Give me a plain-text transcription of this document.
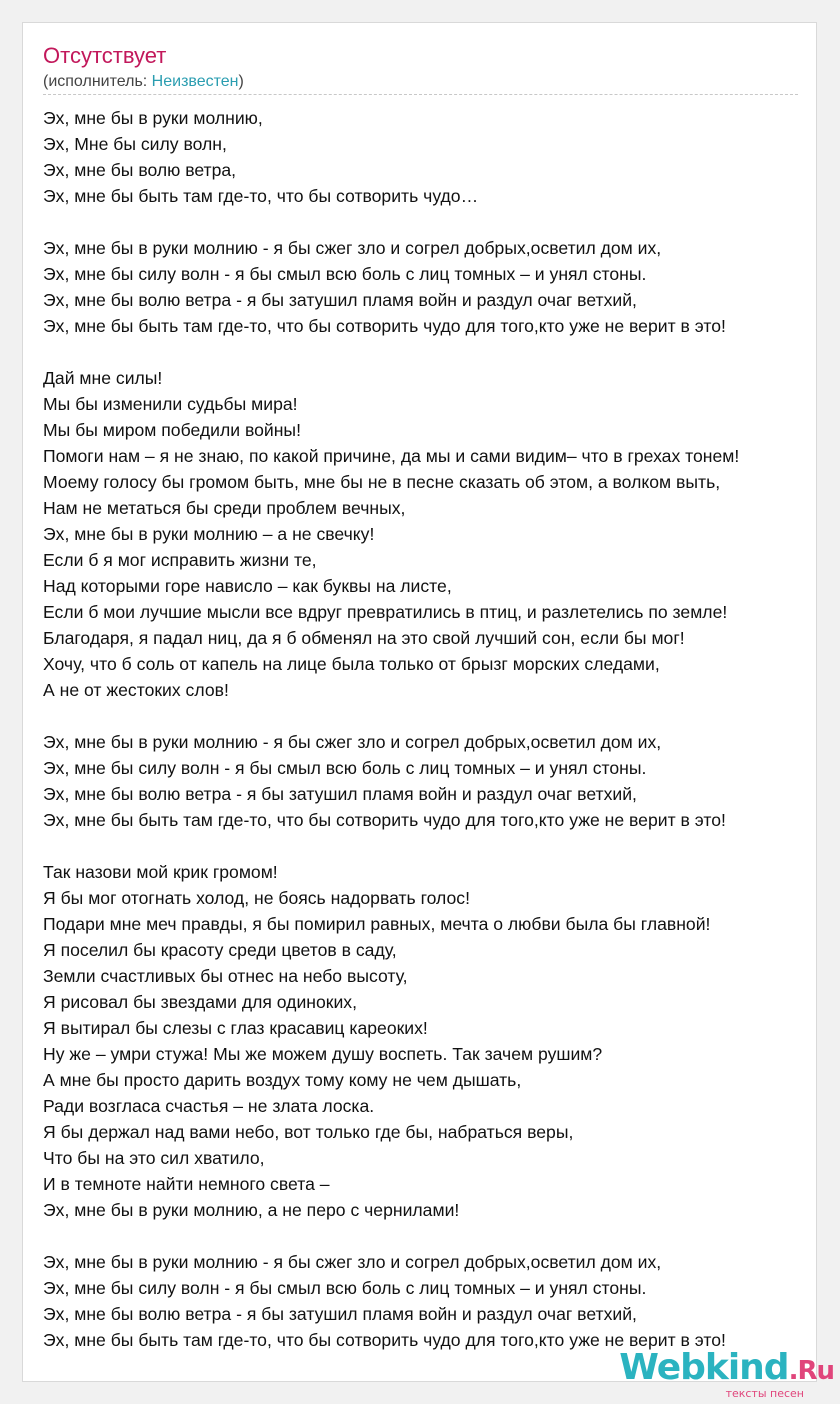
Отсутствует
(исполнитель: Неизвестен)
Эх, мне бы в руки молнию,
Эх, Мне бы силу волн,
Эх, мне бы волю ветра,
Эх, мне бы быть там где-то, что бы сотворить чудо…
Эх, мне бы в руки молнию - я бы сжег зло и согрел добрых,осветил дом их,
Эх, мне бы силу волн - я бы смыл всю боль с лиц томных – и унял стоны.
Эх, мне бы волю ветра - я бы затушил пламя войн и раздул очаг ветхий,
Эх, мне бы быть там где-то, что бы сотворить чудо для того,кто уже не верит в это!
Дай мне силы!
Мы бы изменили судьбы мира!
Мы бы миром победили войны!
Помоги нам – я не знаю, по какой причине, да мы и сами видим– что в грехах тонем!
Моему голосу бы громом быть, мне бы не в песне сказать об этом, а волком выть,
Нам не метаться бы среди проблем вечных,
Эх, мне бы в руки молнию – а не свечку!
Если б я мог исправить жизни те,
Над которыми горе нависло – как буквы на листе,
Если б мои лучшие мысли все вдруг превратились в птиц, и разлетелись по земле!
Благодаря, я падал ниц, да я б обменял на это свой лучший сон, если бы мог!
Хочу, что б соль от капель на лице была только от брызг морских следами,
А не от жестоких слов!
Эх, мне бы в руки молнию - я бы сжег зло и согрел добрых,осветил дом их,
Эх, мне бы силу волн - я бы смыл всю боль с лиц томных – и унял стоны.
Эх, мне бы волю ветра - я бы затушил пламя войн и раздул очаг ветхий,
Эх, мне бы быть там где-то, что бы сотворить чудо для того,кто уже не верит в это!
Так назови мой крик громом!
Я бы мог отогнать холод, не боясь надорвать голос!
Подари мне меч правды, я бы помирил равных, мечта о любви была бы главной!
Я поселил бы красоту среди цветов в саду,
Земли счастливых бы отнес на небо высоту,
Я рисовал бы звездами для одиноких,
Я вытирал бы слезы с глаз красавиц кареоких!
Ну же – умри стужа! Мы же можем душу воспеть. Так зачем рушим?
А мне бы просто дарить воздух тому кому не чем дышать,
Ради возгласа счастья – не злата лоска.
Я бы держал над вами небо, вот только где бы, набраться веры,
Что бы на это сил хватило,
И в темноте найти немного света –
Эх, мне бы в руки молнию, а не перо с чернилами!
Эх, мне бы в руки молнию - я бы сжег зло и согрел добрых,осветил дом их,
Эх, мне бы силу волн - я бы смыл всю боль с лиц томных – и унял стоны.
Эх, мне бы волю ветра - я бы затушил пламя войн и раздул очаг ветхий,
Эх, мне бы быть там где-то, что бы сотворить чудо для того,кто уже не верит в это!
Webkind.Ru
тексты песен
